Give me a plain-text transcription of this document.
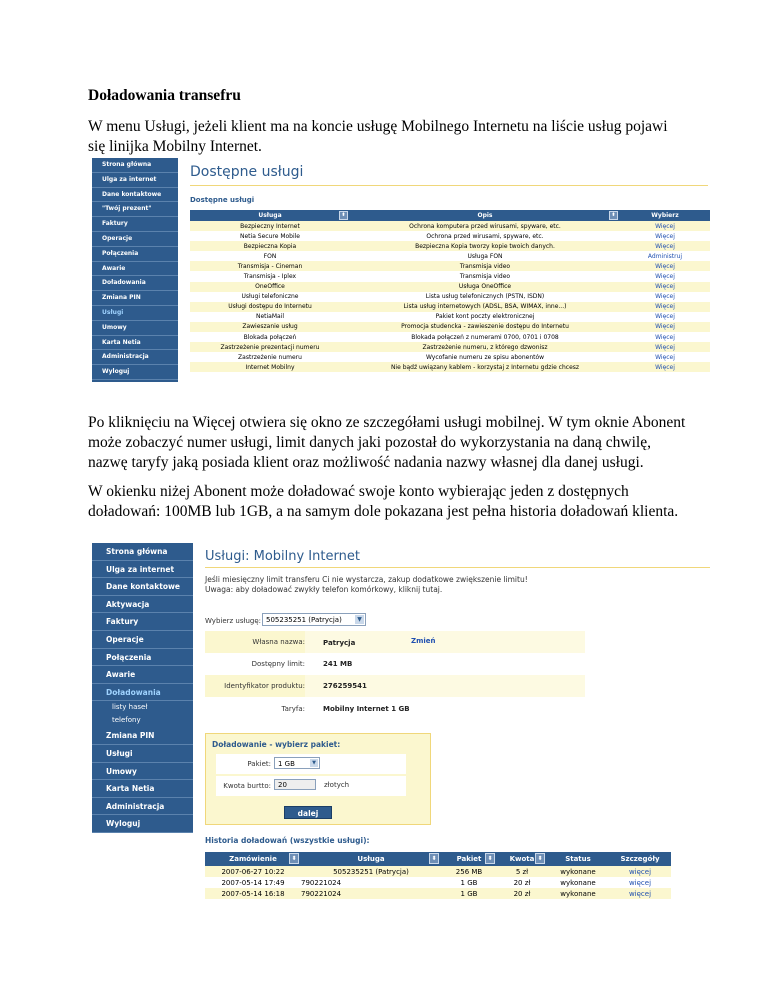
Doładowania transefru
W menu Usługi, jeżeli klient ma na koncie usługę Mobilnego Internetu na liście usług pojawi się linijka Mobilny Internet.
Po kliknięciu na Więcej otwiera się okno ze szczegółami usługi mobilnej. W tym oknie Abonent może zobaczyć numer usługi, limit danych jaki pozostał do wykorzystania na daną chwilę, nazwę taryfy jaką posiada klient oraz możliwość nadania nazwy własnej dla danej usługi.
W okienku niżej Abonent może doładować swoje konto wybierając jeden z dostępnych doładowań: 100MB lub 1GB, a na samym dole pokazana jest pełna historia doładowań klienta.
Strona główna
Ulga za internet
Dane kontaktowe
"Twój prezent"
Faktury
Operacje
Połączenia
Awarie
Doładowania
Zmiana PIN
Usługi
Umowy
Karta Netia
Administracja
Wyloguj
Dostępne usługi
Dostępne usługi
Usługa ⬍	Opis ⬍	Wybierz
Bezpieczny Internet	Ochrona komputera przed wirusami, spyware, etc.	Więcej
Netia Secure Mobile	Ochrona przed wirusami, spyware, etc.	Więcej
Bezpieczna Kopia	Bezpieczna Kopia tworzy kopie twoich danych.	Więcej
FON	Usługa FON	Administruj
Transmisja - Cineman	Transmisja video	Więcej
Transmisja - Iplex	Transmisja video	Więcej
OneOffice	Usługa OneOffice	Więcej
Usługi telefoniczne	Lista usług telefonicznych (PSTN, ISDN)	Więcej
Usługi dostępu do Internetu	Lista usług internetowych (ADSL, BSA, WIMAX, inne...)	Więcej
NetiaMail	Pakiet kont poczty elektronicznej	Więcej
Zawieszanie usług	Promocja studencka - zawieszenie dostępu do Internetu	Więcej
Blokada połączeń	Blokada połączeń z numerami 0700, 0701 i 0708	Więcej
Zastrzeżenie prezentacji numeru	Zastrzeżenie numeru, z którego dzwonisz	Więcej
Zastrzeżenie numeru	Wycofanie numeru ze spisu abonentów	Więcej
Internet Mobilny	Nie bądź uwiązany kablem - korzystaj z Internetu gdzie chcesz	Więcej
Strona główna
Ulga za internet
Dane kontaktowe
Aktywacja
Faktury
Operacje
Połączenia
Awarie
Doładowania
listy haseł
telefony
Zmiana PIN
Usługi
Umowy
Karta Netia
Administracja
Wyloguj
Usługi: Mobilny Internet
Jeśli miesięczny limit transferu Ci nie wystarcza, zakup dodatkowe zwiększenie limitu!
Uwaga: aby doładować zwykły telefon komórkowy, kliknij tutaj.
Wybierz usługę: 505235251 (Patrycja)	▼
Własna nazwa:	Patrycja	Zmień
Dostępny limit:	241 MB
Identyfikator produktu:	276259541
Taryfa:	Mobilny Internet 1 GB
Doładowanie - wybierz pakiet:
Pakiet:	1 GB	▼
Kwota burtto:	20	złotych
dalej
Historia doładowań (wszystkie usługi):
Zamówienie ⬍	Usługa ⬍	Pakiet ⬍	Kwota ⬍	Status	Szczegóły
2007-06-27 10:22	505235251 (Patrycja)	256 MB	5 zł	wykonane	więcej
2007-05-14 17:49	790221024	1 GB	20 zł	wykonane	więcej
2007-05-14 16:18	790221024	1 GB	20 zł	wykonane	więcej
